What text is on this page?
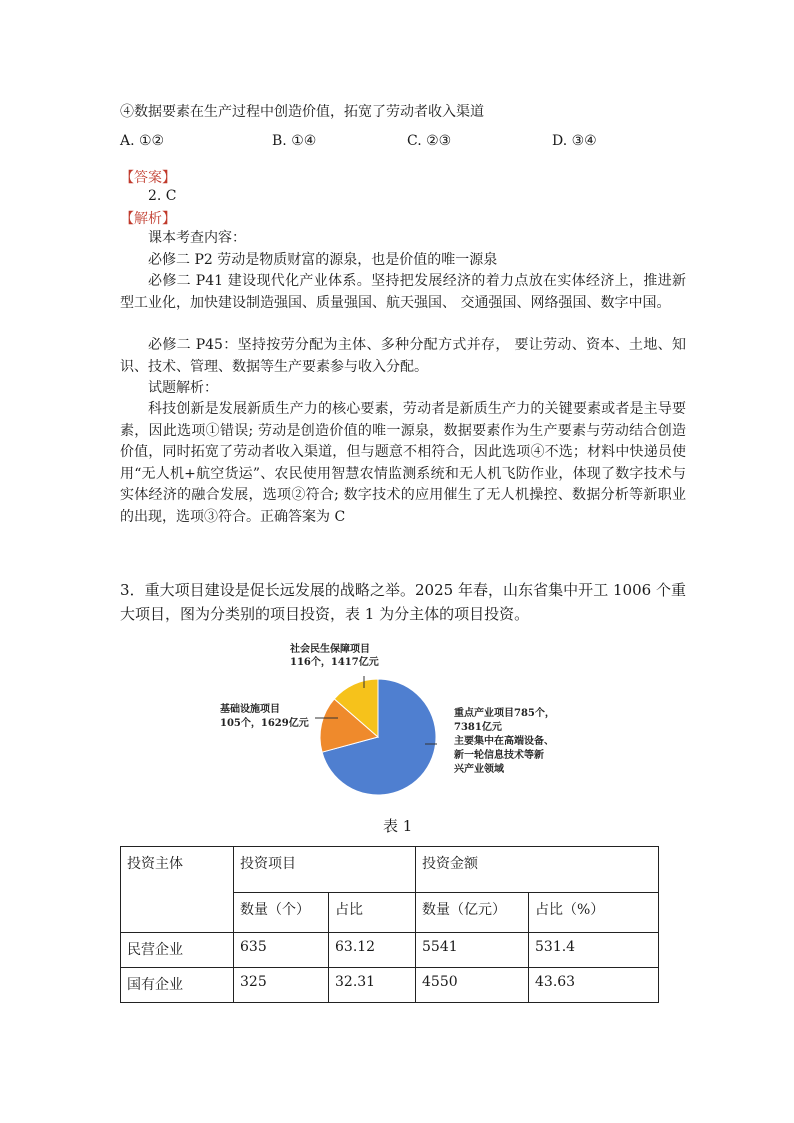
④数据要素在生产过程中创造价值，拓宽了劳动者收入渠道
A. ①②	B. ①④	C. ②③	D. ③④
【答案】
2. C
【解析】
课本考查内容：
必修二 P2 劳动是物质财富的源泉，也是价值的唯一源泉
必修二 P41 建设现代化产业体系。坚持把发展经济的着力点放在实体经济上，推进新型工业化，加快建设制造强国、质量强国、航天强国、 交通强国、网络强国、数字中国。
必修二 P45：坚持按劳分配为主体、多种分配方式并存， 要让劳动、资本、土地、知识、技术、管理、数据等生产要素参与收入分配。
试题解析：
科技创新是发展新质生产力的核心要素，劳动者是新质生产力的关键要素或者是主导要素，因此选项①错误; 劳动是创造价值的唯一源泉，数据要素作为生产要素与劳动结合创造价值，同时拓宽了劳动者收入渠道，但与题意不相符合，因此选项④不选；材料中快递员使用“无人机+航空货运”、农民使用智慧农情监测系统和无人机飞防作业，体现了数字技术与实体经济的融合发展，选项②符合; 数字技术的应用催生了无人机操控、数据分析等新职业的出现，选项③符合。正确答案为 C
3．重大项目建设是促长远发展的战略之举。2025 年春，山东省集中开工 1006 个重大项目，图为分类别的项目投资，表 1 为分主体的项目投资。
社会民生保障项目 116个，1417亿元
基础设施项目 105个，1629亿元
重点产业项目785个， 7381亿元 主要集中在高端设备、 新一轮信息技术等新 兴产业领域
表 1
投资主体	投资项目		投资金额	
	数量（个）	占比	数量（亿元）	占比（%）
民营企业	635	63.12	5541	531.4
国有企业	325	32.31	4550	43.63
